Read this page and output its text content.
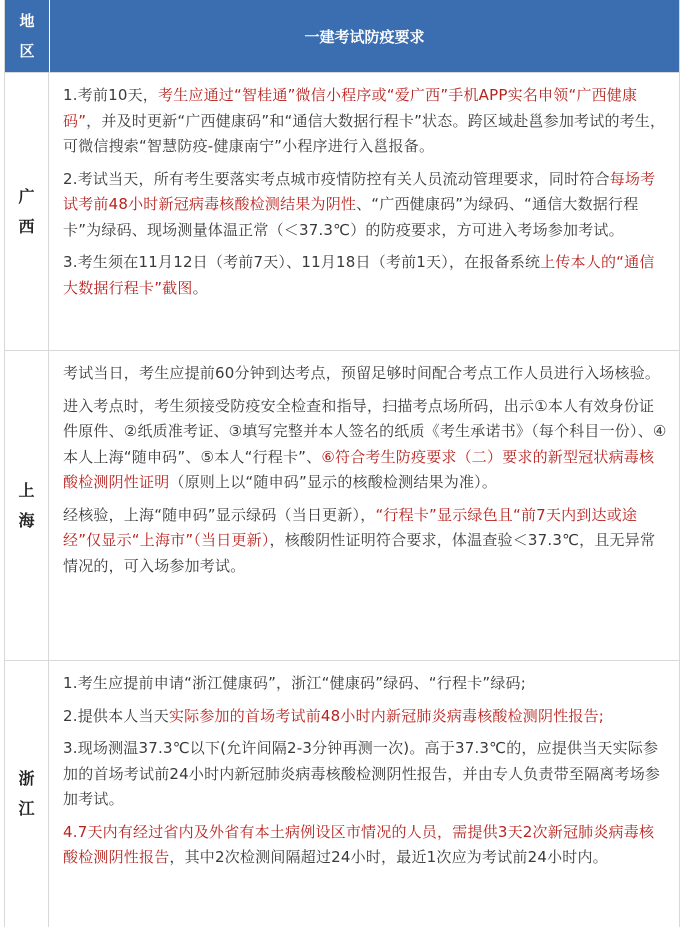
地
区
一建考试防疫要求
广
西

1.考前10天，考生应通过“智桂通”微信小程序或“爱广西”手机APP实名申领“广西健康码”，并及时更新“广西健康码”和“通信大数据行程卡”状态。跨区域赴邕参加考试的考生，可微信搜索“智慧防疫-健康南宁”小程序进行入邕报备。

2.考试当天，所有考生要落实考点城市疫情防控有关人员流动管理要求，同时符合每场考试考前48小时新冠病毒核酸检测结果为阴性、“广西健康码”为绿码、“通信大数据行程卡”为绿码、现场测量体温正常（＜37.3℃）的防疫要求，方可进入考场参加考试。

3.考生须在11月12日（考前7天）、11月18日（考前1天），在报备系统上传本人的“通信大数据行程卡”截图。

上
海

考试当日，考生应提前60分钟到达考点，预留足够时间配合考点工作人员进行入场核验。

进入考点时，考生须接受防疫安全检查和指导，扫描考点场所码，出示①本人有效身份证件原件、②纸质准考证、③填写完整并本人签名的纸质《考生承诺书》（每个科目一份）、④本人上海“随申码”、⑤本人“行程卡”、⑥符合考生防疫要求（二）要求的新型冠状病毒核酸检测阴性证明（原则上以“随申码”显示的核酸检测结果为准）。

经核验，上海“随申码”显示绿码（当日更新），“行程卡”显示绿色且“前7天内到达或途经”仅显示“上海市”（当日更新），核酸阴性证明符合要求，体温查验＜37.3℃，且无异常情况的，可入场参加考试。

浙
江

1.考生应提前申请“浙江健康码”，浙江“健康码”绿码、“行程卡”绿码;

2.提供本人当天实际参加的首场考试前48小时内新冠肺炎病毒核酸检测阴性报告;

3.现场测温37.3℃以下(允许间隔2-3分钟再测一次)。高于37.3℃的，应提供当天实际参加的首场考试前24小时内新冠肺炎病毒核酸检测阴性报告，并由专人负责带至隔离考场参加考试。

4.7天内有经过省内及外省有本土病例设区市情况的人员，需提供3天2次新冠肺炎病毒核酸检测阴性报告，其中2次检测间隔超过24小时，最近1次应为考试前24小时内。
